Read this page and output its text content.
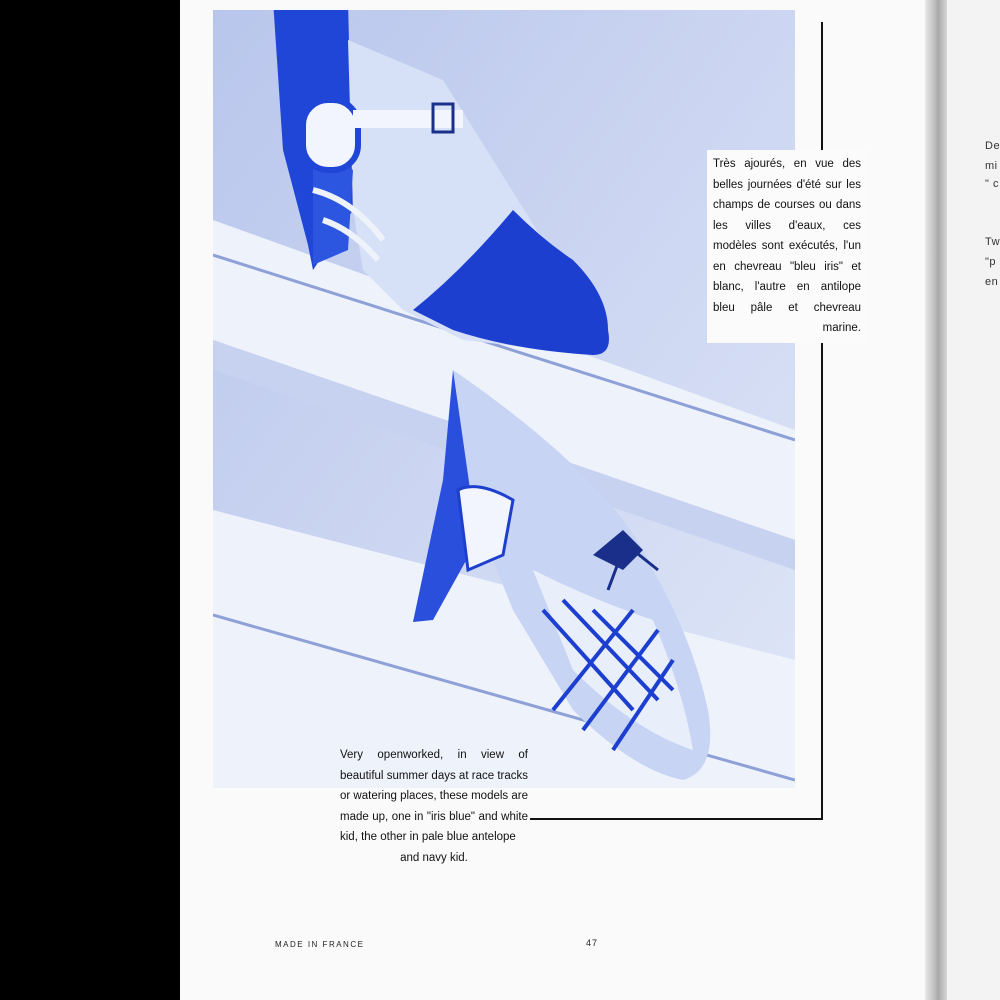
Très ajourés, en vue des belles journées d'été sur les champs de courses ou dans les villes d'eaux, ces modèles sont exécutés, l'un en chevreau "bleu iris" et blanc, l'autre en antilope bleu pâle et chevreau marine.
Very openworked, in view of beautiful summer days at race tracks or watering places, these models are made up, one in "iris blue" and white kid, the other in pale blue antelope
and navy kid.
MADE IN FRANCE	47
De
mi
" c
Tw
"p
en
